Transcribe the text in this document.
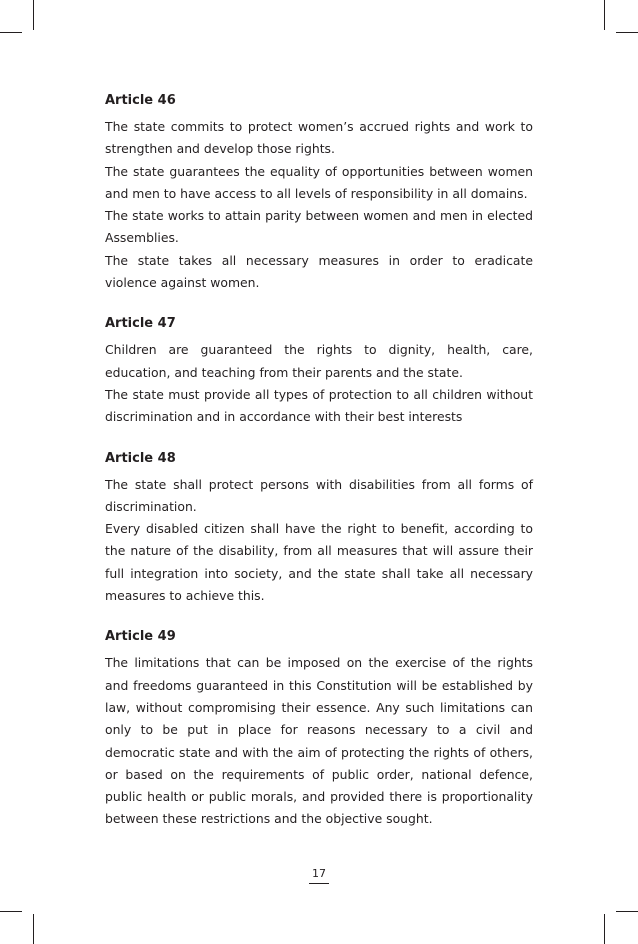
Article 46

The state commits to protect women’s accrued rights and work to strengthen and develop those rights.

The state guarantees the equality of opportunities between women and men to have access to all levels of responsibility in all domains.

The state works to attain parity between women and men in elected Assemblies.

The state takes all necessary measures in order to eradicate violence against women.

Article 47

Children are guaranteed the rights to dignity, health, care, education, and teaching from their parents and the state.

The state must provide all types of protection to all children without discrimination and in accordance with their best interests

Article 48

The state shall protect persons with disabilities from all forms of discrimination.

Every disabled citizen shall have the right to benefit, according to the nature of the disability, from all measures that will assure their full integration into society, and the state shall take all necessary measures to achieve this.

Article 49

The limitations that can be imposed on the exercise of the rights and freedoms guaranteed in this Constitution will be established by law, without compromising their essence. Any such limitations can only to be put in place for reasons necessary to a civil and democratic state and with the aim of protecting the rights of others, or based on the requirements of public order, national defence, public health or public morals, and provided there is proportionality between these restrictions and the objective sought.

17
